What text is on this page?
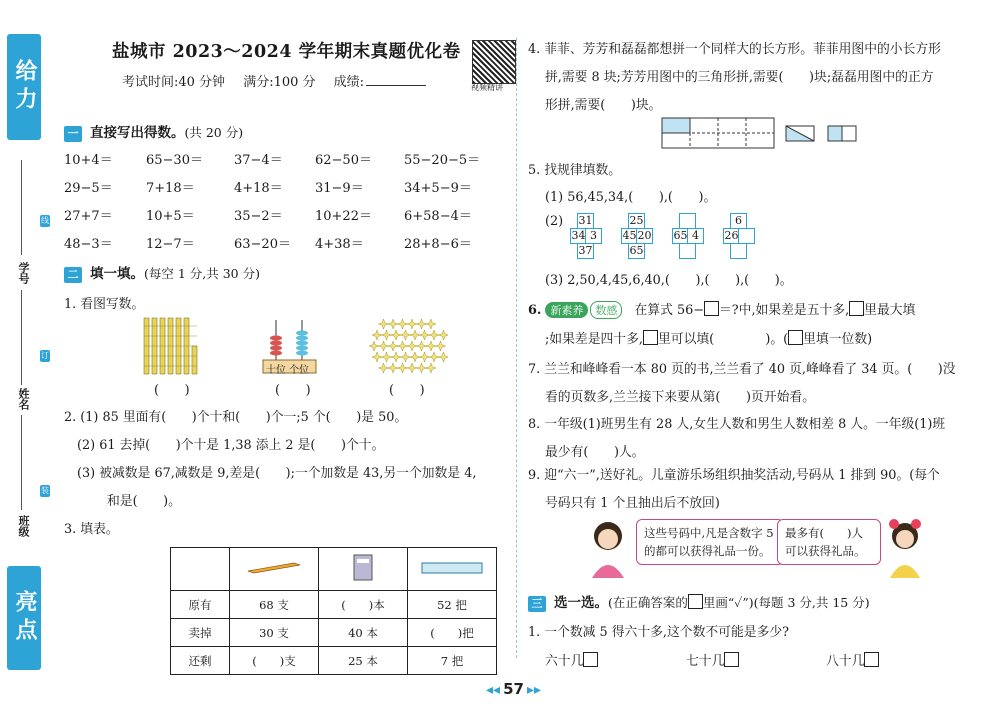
给力
学号
线
订
姓名
装
班级
亮点
盐城市 2023～2024 学年期末真题优化卷
考试时间:40 分钟 满分:100 分 成绩:	视频精讲
一 直接写出得数。(共 20 分)
10+4＝	65−30＝ 37−4＝ 62−50＝ 55−20−5＝
29−5＝	7+18＝	4+18＝ 31−9＝	34+5−9＝
27+7＝	10+5＝	35−2＝ 10+22＝ 6+58−4＝
48−3＝	12−7＝	63−20＝ 4+38＝	28+8−6＝
二 填一填。(每空 1 分,共 30 分)
1. 看图写数。
十位 个位
(　　)	(　　)	(　　)
2. (1) 85 里面有(　　)个十和(　　)个一;5 个(　　)是 50。
(2) 61 去掉(　　)个十是 1,38 添上 2 是(　　)个十。
(3) 被减数是 67,减数是 9,差是(　　);一个加数是 43,另一个加数是 4,
和是(　　)。
3. 填表。

原有	68 支	(　　)本	52 把
卖掉	30 支	40 本	(　　)把
还剩	(　　)支	25 本	7 把
4. 菲菲、芳芳和磊磊都想拼一个同样大的长方形。菲菲用图中的小长方形
拼,需要 8 块;芳芳用图中的三角形拼,需要(　　)块;磊磊用图中的正方
形拼,需要(　　)块。
5. 找规律填数。
(1) 56,45,34,(　　),(　　)。
(2) 31
34 3
37
25
45 20
65
65 4
6
26
(3) 2,50,4,45,6,40,(　　),(　　),(　　)。
6. 新素养 数感 在算式 56− ＝?中,如果差是五十多, 里最大填
;如果差是四十多, 里可以填(　　　　)。( 里填一位数)
7. 兰兰和峰峰看一本 80 页的书,兰兰看了 40 页,峰峰看了 34 页。(　　)没
看的页数多,兰兰接下来要从第(　　)页开始看。
8. 一年级(1)班男生有 28 人,女生人数和男生人数相差 8 人。一年级(1)班
最少有(　　)人。
9. 迎“六一”,送好礼。儿童游乐场组织抽奖活动,号码从 1 排到 90。(每个
号码只有 1 个且抽出后不放回)
这些号码中,凡是含数字 5 的都可以获得礼品一份。
最多有(　　)人可以获得礼品。
三 选一选。(在正确答案的 里画“✓”)(每题 3 分,共 15 分)
1. 一个数减 5 得六十多,这个数不可能是多少?
六十几	七十几	八十几
◂◂ 57 ▸▸
